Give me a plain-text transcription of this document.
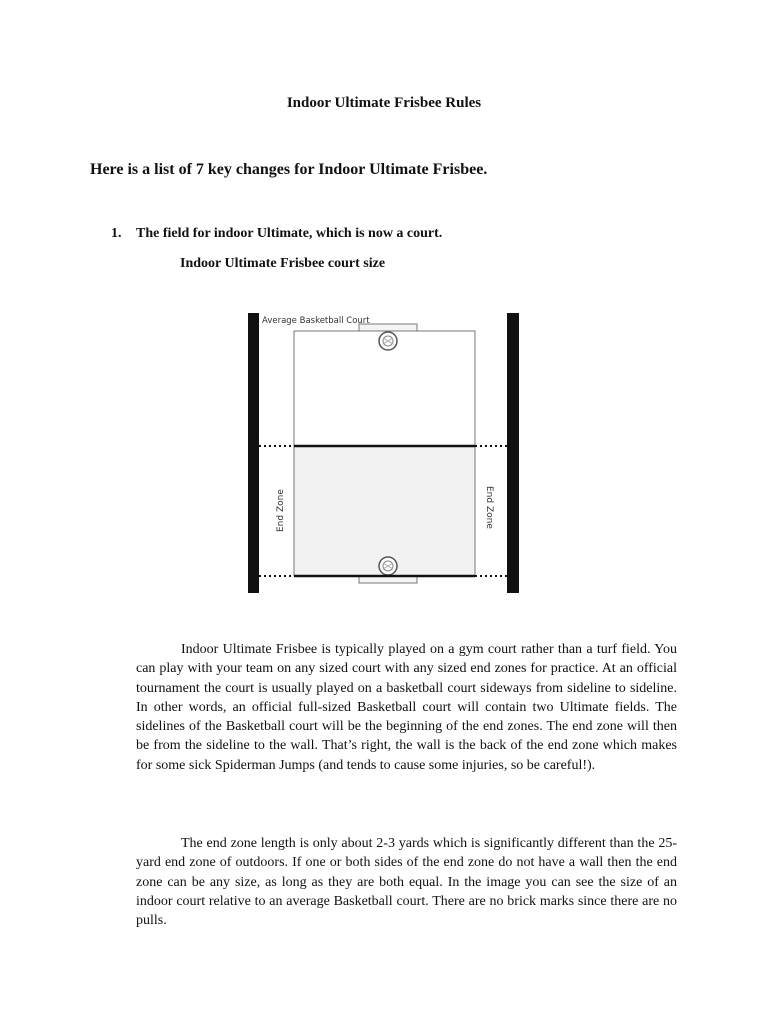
Indoor Ultimate Frisbee Rules
Here is a list of 7 key changes for Indoor Ultimate Frisbee.

1. The field for indoor Ultimate, which is now a court.

Indoor Ultimate Frisbee court size

Average Basketball Court
WALL	WALL
End Zone	End Zone

Indoor Ultimate Frisbee is typically played on a gym court rather than a turf field. You can play with your team on any sized court with any sized end zones for practice. At an official tournament the court is usually played on a basketball court sideways from sideline to sideline. In other words, an official full-sized Basketball court will contain two Ultimate fields. The sidelines of the Basketball court will be the beginning of the end zones. The end zone will then be from the sideline to the wall. That’s right, the wall is the back of the end zone which makes for some sick Spiderman Jumps (and tends to cause some injuries, so be careful!).

The end zone length is only about 2-3 yards which is significantly different than the 25-yard end zone of outdoors. If one or both sides of the end zone do not have a wall then the end zone can be any size, as long as they are both equal. In the image you can see the size of an indoor court relative to an average Basketball court. There are no brick marks since there are no pulls.
